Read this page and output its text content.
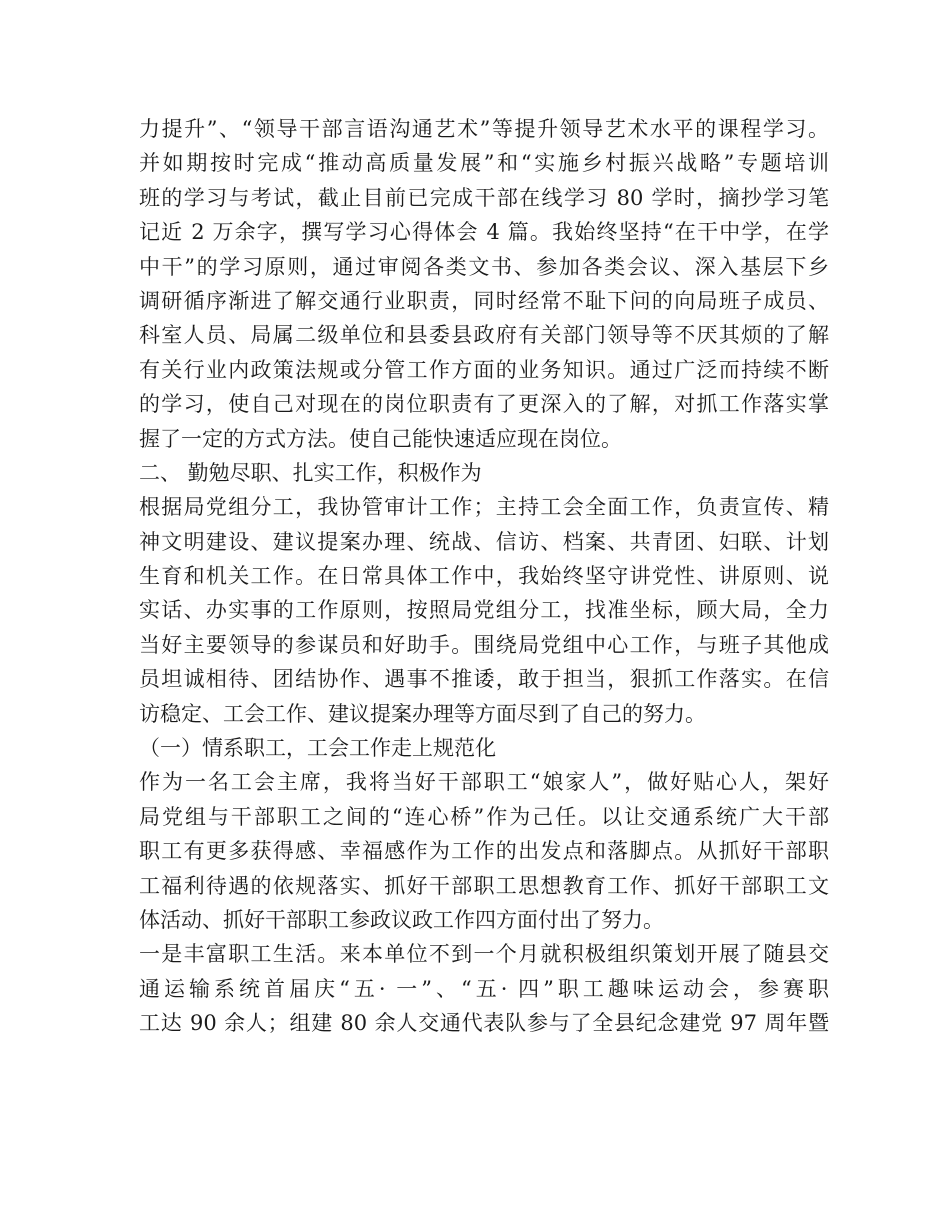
力提升”、“领导干部言语沟通艺术”等提升领导艺术水平的课程学习。
并如期按时完成“推动高质量发展”和“实施乡村振兴战略”专题培训
班的学习与考试，截止目前已完成干部在线学习 80 学时，摘抄学习笔
记近 2 万余字，撰写学习心得体会 4 篇。我始终坚持“在干中学，在学
中干”的学习原则，通过审阅各类文书、参加各类会议、深入基层下乡
调研循序渐进了解交通行业职责，同时经常不耻下问的向局班子成员、
科室人员、局属二级单位和县委县政府有关部门领导等不厌其烦的了解
有关行业内政策法规或分管工作方面的业务知识。通过广泛而持续不断
的学习，使自己对现在的岗位职责有了更深入的了解，对抓工作落实掌
握了一定的方式方法。使自己能快速适应现在岗位。
二、 勤勉尽职、扎实工作，积极作为
根据局党组分工，我协管审计工作；主持工会全面工作，负责宣传、精
神文明建设、建议提案办理、统战、信访、档案、共青团、妇联、计划
生育和机关工作。在日常具体工作中，我始终坚守讲党性、讲原则、说
实话、办实事的工作原则，按照局党组分工，找准坐标，顾大局，全力
当好主要领导的参谋员和好助手。围绕局党组中心工作，与班子其他成
员坦诚相待、团结协作、遇事不推诿，敢于担当，狠抓工作落实。在信
访稳定、工会工作、建议提案办理等方面尽到了自己的努力。
（一）情系职工，工会工作走上规范化
作为一名工会主席，我将当好干部职工“娘家人”，做好贴心人，架好
局党组与干部职工之间的“连心桥”作为己任。以让交通系统广大干部
职工有更多获得感、幸福感作为工作的出发点和落脚点。从抓好干部职
工福利待遇的依规落实、抓好干部职工思想教育工作、抓好干部职工文
体活动、抓好干部职工参政议政工作四方面付出了努力。
一是丰富职工生活。来本单位不到一个月就积极组织策划开展了随县交
通运输系统首届庆“五· 一”、“五· 四”职工趣味运动会，参赛职
工达 90 余人；组建 80 余人交通代表队参与了全县纪念建党 97 周年暨
